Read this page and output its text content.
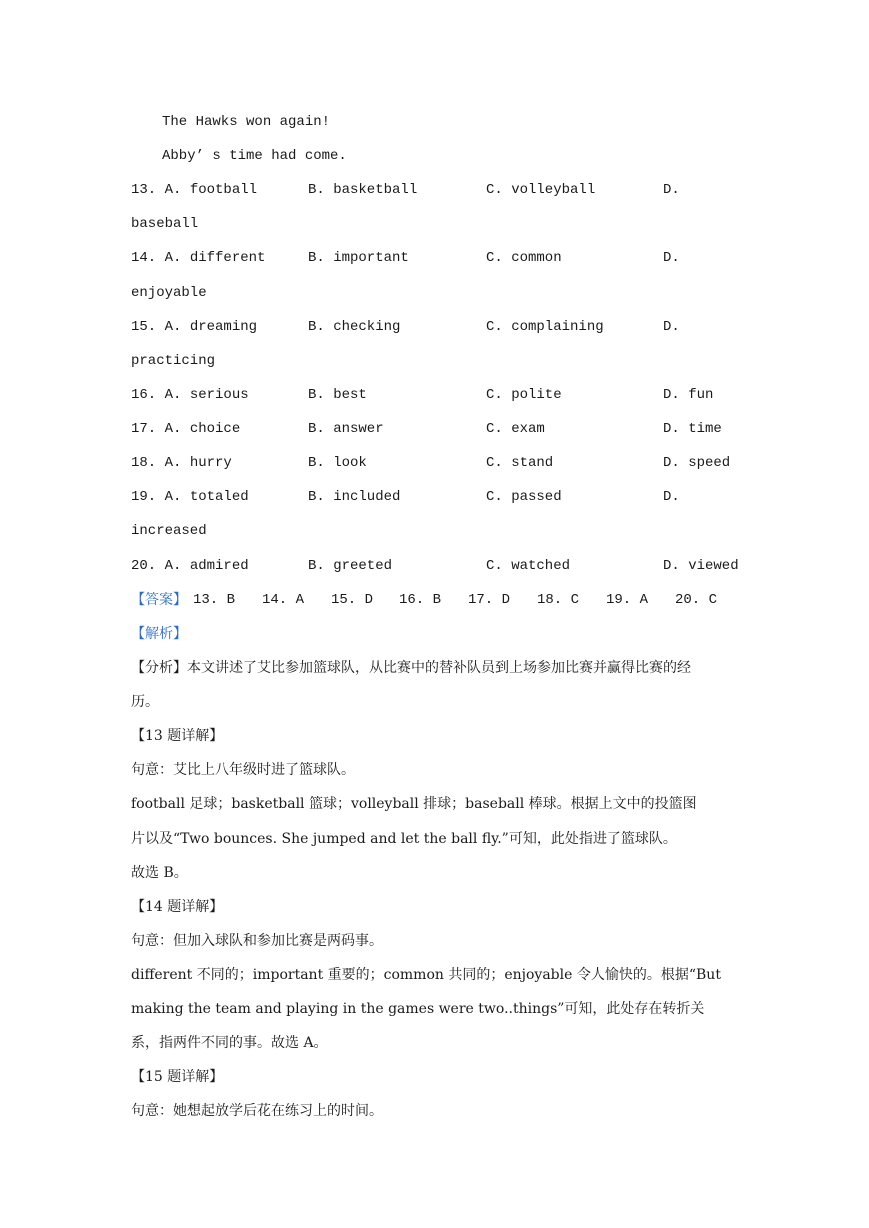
The Hawks won again!
Abby’ s time had come.
13. A. football	B. basketball	C. volleyball	D.
baseball
14. A. different	B. important	C. common	D.
enjoyable
15. A. dreaming	B. checking	C. complaining	D.
practicing
16. A. serious	B. best	C. polite	D. fun
17. A. choice	B. answer	C. exam	D. time
18. A. hurry	B. look	C. stand	D. speed
19. A. totaled	B. included	C. passed	D.
increased
20. A. admired	B. greeted	C. watched	D. viewed
【答案】 13. B 14. A 15. D 16. B 17. D 18. C 19. A 20. C
【解析】
【分析】本文讲述了艾比参加篮球队，从比赛中的替补队员到上场参加比赛并赢得比赛的经
历。
【13 题详解】
句意：艾比上八年级时进了篮球队。
football 足球；basketball 篮球；volleyball 排球；baseball 棒球。根据上文中的投篮图
片以及“Two bounces. She jumped and let the ball fly.”可知，此处指进了篮球队。
故选 B。
【14 题详解】
句意：但加入球队和参加比赛是两码事。
different 不同的；important 重要的；common 共同的；enjoyable 令人愉快的。根据“But
making the team and playing in the games were two..things”可知，此处存在转折关
系，指两件不同的事。故选 A。
【15 题详解】
句意：她想起放学后花在练习上的时间。
